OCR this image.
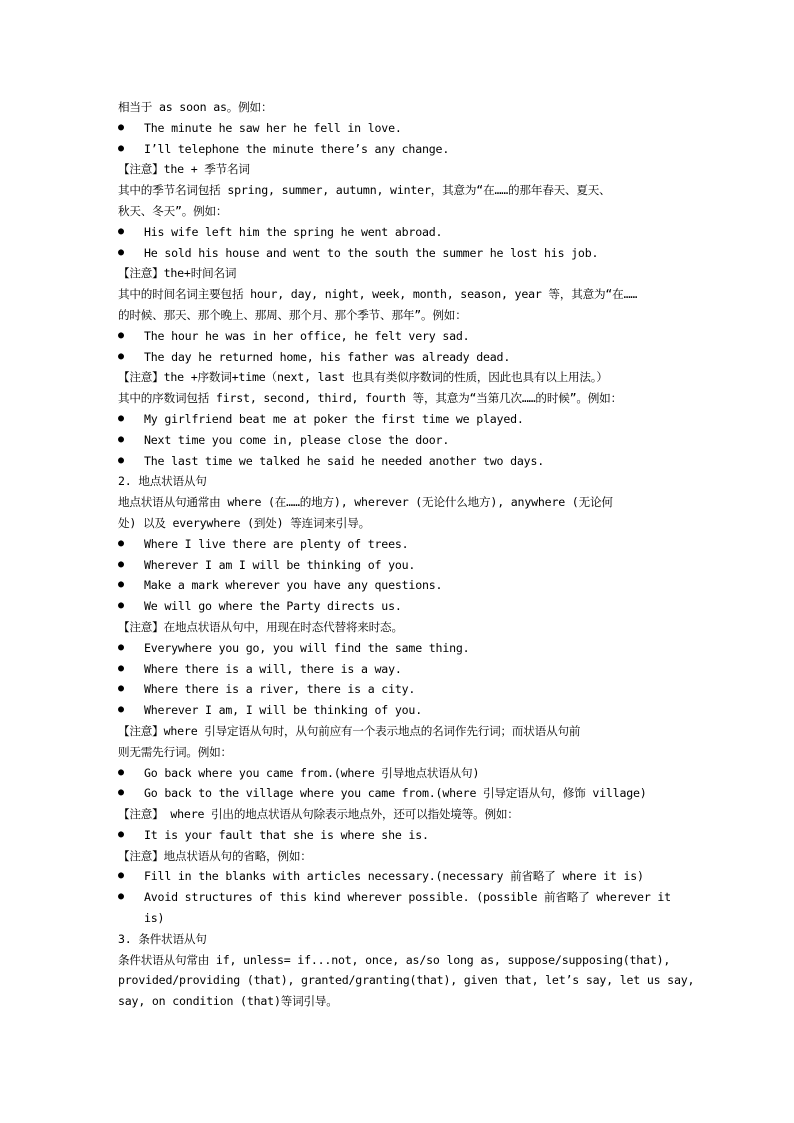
相当于 as soon as。例如：
● The minute he saw her he fell in love.
● I’ll telephone the minute there’s any change.
【注意】the + 季节名词
其中的季节名词包括 spring, summer, autumn, winter，其意为“在……的那年春天、夏天、
秋天、冬天”。例如：
● His wife left him the spring he went abroad.
● He sold his house and went to the south the summer he lost his job.
【注意】the+时间名词
其中的时间名词主要包括 hour, day, night, week, month, season, year 等，其意为“在……
的时候、那天、那个晚上、那周、那个月、那个季节、那年”。例如：
● The hour he was in her office, he felt very sad.
● The day he returned home, his father was already dead.
【注意】the +序数词+time（next, last 也具有类似序数词的性质，因此也具有以上用法。）
其中的序数词包括 first, second, third, fourth 等，其意为“当第几次……的时候”。例如：
● My girlfriend beat me at poker the first time we played.
● Next time you come in, please close the door.
● The last time we talked he said he needed another two days.
2. 地点状语从句
地点状语从句通常由 where (在……的地方), wherever (无论什么地方), anywhere (无论何
处) 以及 everywhere (到处) 等连词来引导。
● Where I live there are plenty of trees.
● Wherever I am I will be thinking of you.
● Make a mark wherever you have any questions.
● We will go where the Party directs us.
【注意】在地点状语从句中，用现在时态代替将来时态。
● Everywhere you go, you will find the same thing.
● Where there is a will, there is a way.
● Where there is a river, there is a city.
● Wherever I am, I will be thinking of you.
【注意】where 引导定语从句时，从句前应有一个表示地点的名词作先行词；而状语从句前
则无需先行词。例如：
● Go back where you came from.(where 引导地点状语从句)
● Go back to the village where you came from.(where 引导定语从句，修饰 village)
【注意】 where 引出的地点状语从句除表示地点外，还可以指处境等。例如：
● It is your fault that she is where she is.
【注意】地点状语从句的省略，例如：
● Fill in the blanks with articles necessary.(necessary 前省略了 where it is)
● Avoid structures of this kind wherever possible. (possible 前省略了 wherever it
is)
3. 条件状语从句
条件状语从句常由 if, unless= if...not, once, as/so long as, suppose/supposing(that),
provided/providing (that), granted/granting(that), given that, let’s say, let us say,
say, on condition (that)等词引导。
